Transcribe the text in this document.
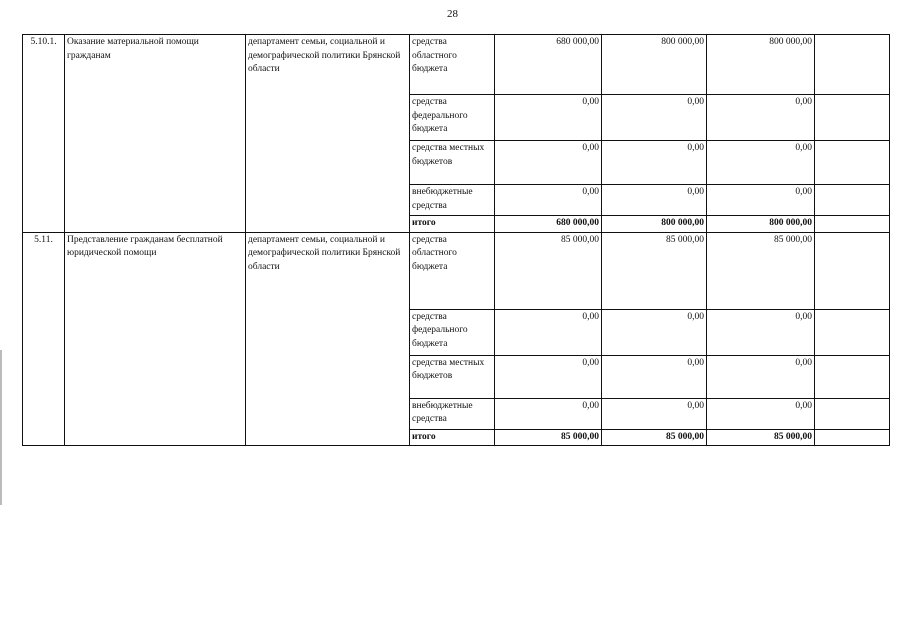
28
5.10.1.	Оказание материальной помощи гражданам	департамент семьи, социальной и демографической политики Брянской области	средства областного бюджета	680 000,00	800 000,00	800 000,00	
			средства федерального бюджета	0,00	0,00	0,00	
			средства местных бюджетов	0,00	0,00	0,00	
			внебюджетные средства	0,00	0,00	0,00	
			итого	680 000,00	800 000,00	800 000,00	
5.11.	Представление гражданам бесплатной юридической помощи	департамент семьи, социальной и демографической политики Брянской области	средства областного бюджета	85 000,00	85 000,00	85 000,00	
			средства федерального бюджета	0,00	0,00	0,00	
			средства местных бюджетов	0,00	0,00	0,00	
			внебюджетные средства	0,00	0,00	0,00	
			итого	85 000,00	85 000,00	85 000,00	
